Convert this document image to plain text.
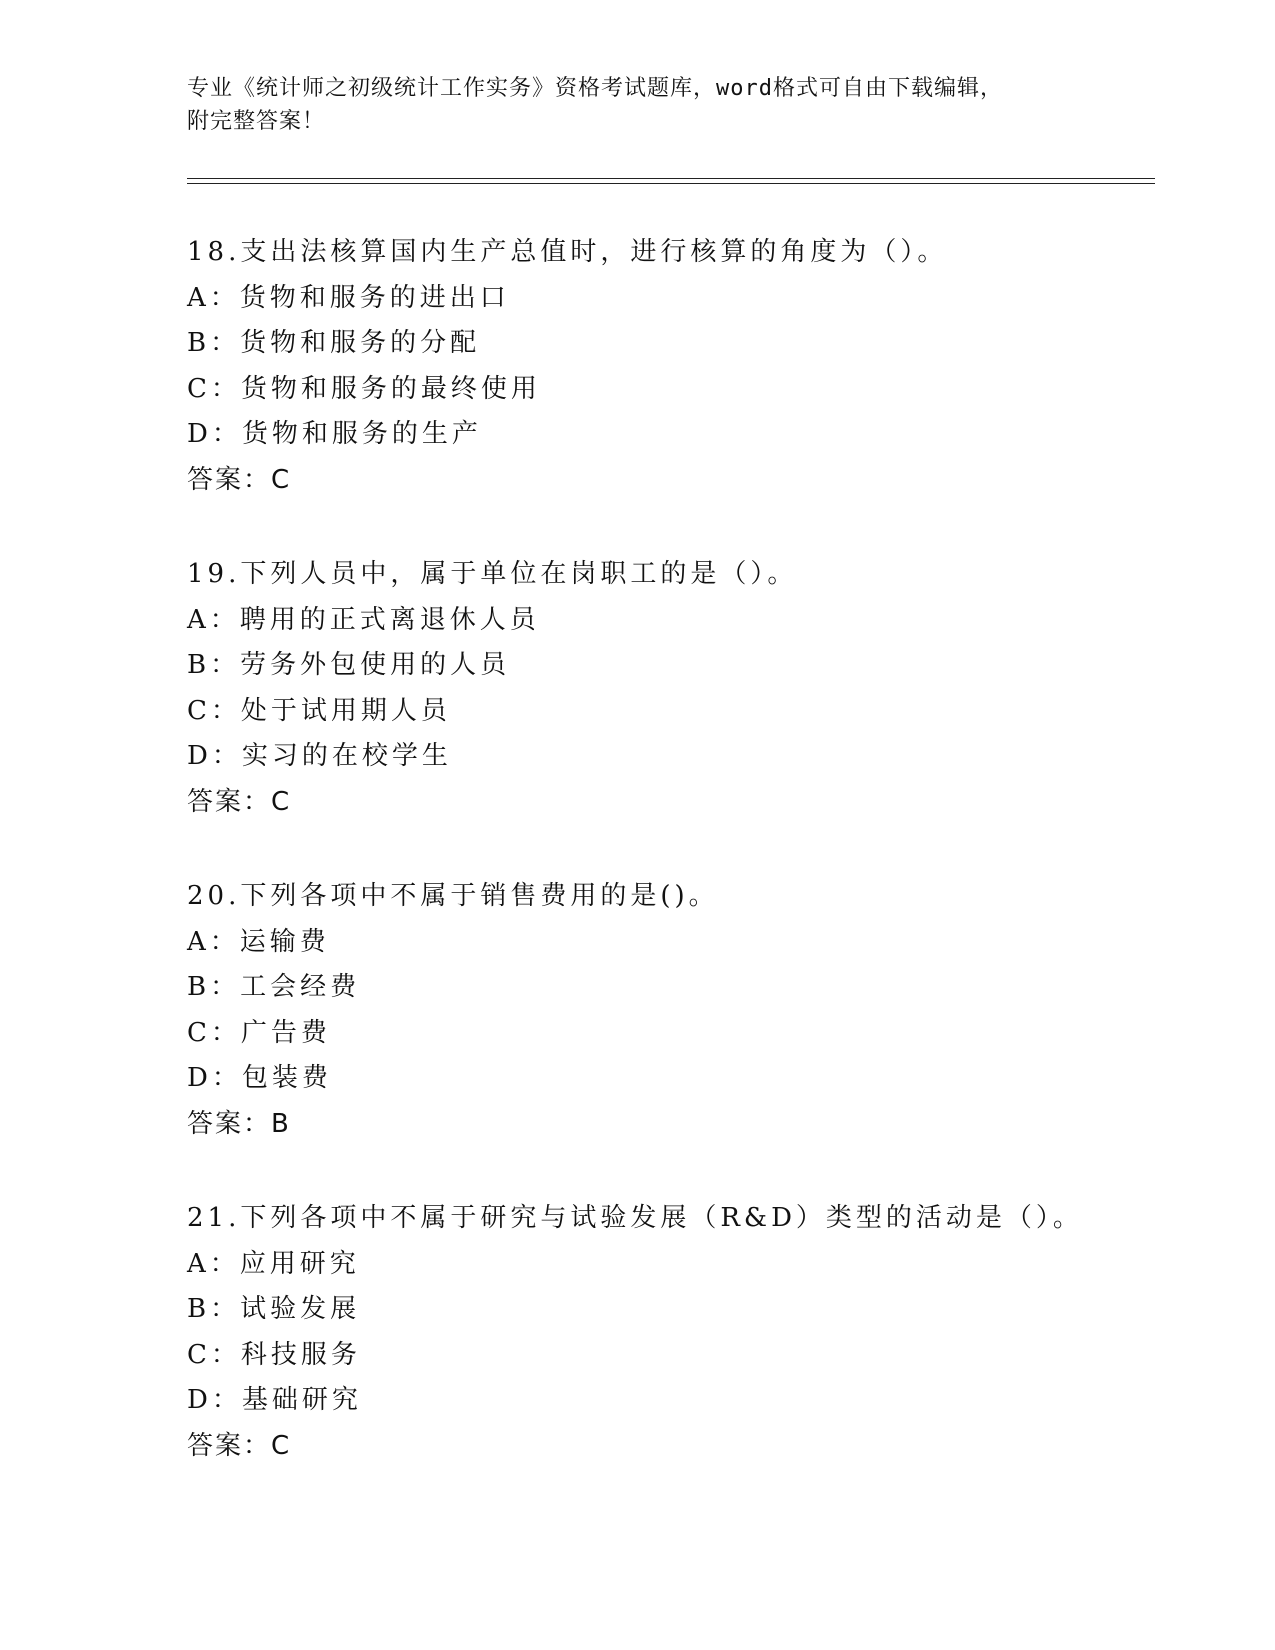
专业《统计师之初级统计工作实务》资格考试题库，word格式可自由下载编辑，
附完整答案！
18.支出法核算国内生产总值时，进行核算的角度为（）。
A：货物和服务的进出口
B：货物和服务的分配
C：货物和服务的最终使用
D：货物和服务的生产
答案：C
19.下列人员中，属于单位在岗职工的是（）。
A：聘用的正式离退休人员
B：劳务外包使用的人员
C：处于试用期人员
D：实习的在校学生
答案：C
20.下列各项中不属于销售费用的是()。
A：运输费
B：工会经费
C：广告费
D：包装费
答案：B
21.下列各项中不属于研究与试验发展（R&D）类型的活动是（）。
A：应用研究
B：试验发展
C：科技服务
D：基础研究
答案：C
